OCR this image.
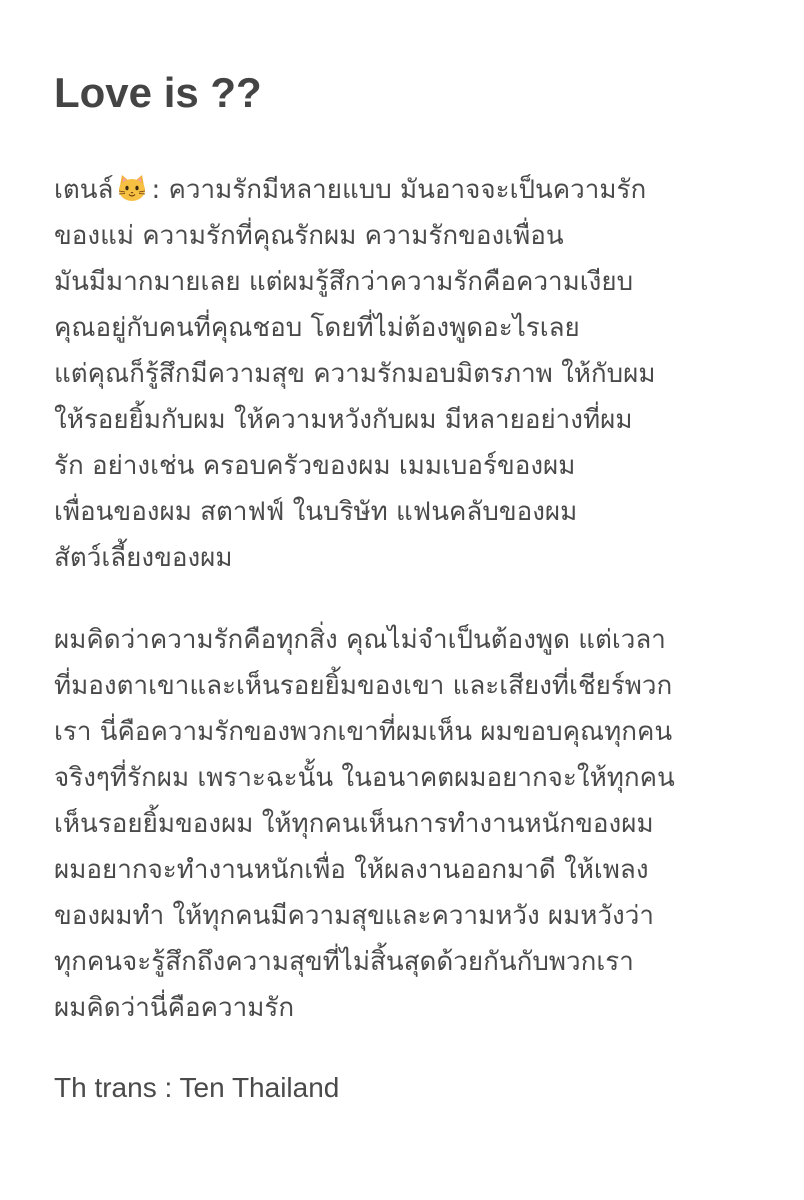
Love is ??
เตนล์ : ความรักมีหลายแบบ มันอาจจะเป็นความรัก
ของแม่ ความรักที่คุณรักผม ความรักของเพื่อน
มันมีมากมายเลย แต่ผมรู้สึกว่าความรักคือความเงียบ
คุณอยู่กับคนที่คุณชอบ โดยที่ไม่ต้องพูดอะไรเลย
แต่คุณก็รู้สึกมีความสุข ความรักมอบมิตรภาพ ให้กับผม
ให้รอยยิ้มกับผม ให้ความหวังกับผม มีหลายอย่างที่ผม
รัก อย่างเช่น ครอบครัวของผม เมมเบอร์ของผม
เพื่อนของผม สตาฟฟ์ ในบริษัท แฟนคลับของผม
สัตว์เลี้ยงของผม
ผมคิดว่าความรักคือทุกสิ่ง คุณไม่จำเป็นต้องพูด แต่เวลา
ที่มองตาเขาและเห็นรอยยิ้มของเขา และเสียงที่เชียร์พวก
เรา นี่คือความรักของพวกเขาที่ผมเห็น ผมขอบคุณทุกคน
จริงๆที่รักผม เพราะฉะนั้น ในอนาคตผมอยากจะให้ทุกคน
เห็นรอยยิ้มของผม ให้ทุกคนเห็นการทำงานหนักของผม
ผมอยากจะทำงานหนักเพื่อ ให้ผลงานออกมาดี ให้เพลง
ของผมทำ ให้ทุกคนมีความสุขและความหวัง ผมหวังว่า
ทุกคนจะรู้สึกถึงความสุขที่ไม่สิ้นสุดด้วยกันกับพวกเรา
ผมคิดว่านี่คือความรัก
Th trans : Ten Thailand
